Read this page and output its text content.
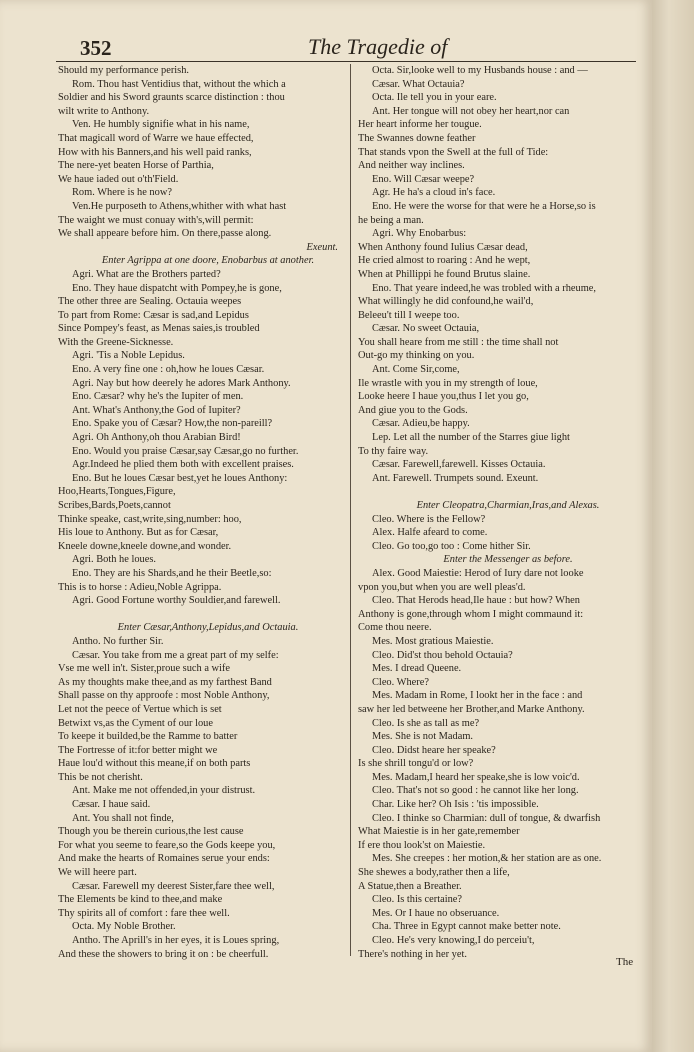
352	The Tragedie of
Should my performance perish.
Rom. Thou hast Ventidius that, without the which a
Soldier and his Sword graunts scarce distinction : thou
wilt write to Anthony.
Ven. He humbly signifie what in his name,
That magicall word of Warre we haue effected,
How with his Banners,and his well paid ranks,
The nere-yet beaten Horse of Parthia,
We haue iaded out o'th'Field.
Rom. Where is he now?
Ven.He purposeth to Athens,whither with what hast
The waight we must conuay with's,will permit:
We shall appeare before him. On there,passe along.
Exeunt.
Enter Agrippa at one doore, Enobarbus at another.
Agri. What are the Brothers parted?
Eno. They haue dispatcht with Pompey,he is gone,
The other three are Sealing. Octauia weepes
To part from Rome: Cæsar is sad,and Lepidus
Since Pompey's feast, as Menas saies,is troubled
With the Greene-Sicknesse.
Agri. 'Tis a Noble Lepidus.
Eno. A very fine one : oh,how he loues Cæsar.
Agri. Nay but how deerely he adores Mark Anthony.
Eno. Cæsar? why he's the Iupiter of men.
Ant. What's Anthony,the God of Iupiter?
Eno. Spake you of Cæsar? How,the non-pareill?
Agri. Oh Anthony,oh thou Arabian Bird!
Eno. Would you praise Cæsar,say Cæsar,go no further.
Agr.Indeed he plied them both with excellent praises.
Eno. But he loues Cæsar best,yet he loues Anthony:
Hoo,Hearts,Tongues,Figure,
Scribes,Bards,Poets,cannot
Thinke speake, cast,write,sing,number: hoo,
His loue to Anthony. But as for Cæsar,
Kneele downe,kneele downe,and wonder.
Agri. Both he loues.
Eno. They are his Shards,and he their Beetle,so:
This is to horse : Adieu,Noble Agrippa.
Agri. Good Fortune worthy Souldier,and farewell.

Enter Cæsar,Anthony,Lepidus,and Octauia.
Antho. No further Sir.
Cæsar. You take from me a great part of my selfe:
Vse me well in't. Sister,proue such a wife
As my thoughts make thee,and as my farthest Band
Shall passe on thy approofe : most Noble Anthony,
Let not the peece of Vertue which is set
Betwixt vs,as the Cyment of our loue
To keepe it builded,be the Ramme to batter
The Fortresse of it:for better might we
Haue lou'd without this meane,if on both parts
This be not cherisht.
Ant. Make me not offended,in your distrust.
Cæsar. I haue said.
Ant. You shall not finde,
Though you be therein curious,the lest cause
For what you seeme to feare,so the Gods keepe you,
And make the hearts of Romaines serue your ends:
We will heere part.
Cæsar. Farewell my deerest Sister,fare thee well,
The Elements be kind to thee,and make
Thy spirits all of comfort : fare thee well.
Octa. My Noble Brother.
Antho. The Aprill's in her eyes, it is Loues spring,
And these the showers to bring it on : be cheerfull.
Octa. Sir,looke well to my Husbands house : and —
Cæsar. What Octauia?
Octa. Ile tell you in your eare.
Ant. Her tongue will not obey her heart,nor can
Her heart informe her tougue.
The Swannes downe feather
That stands vpon the Swell at the full of Tide:
And neither way inclines.
Eno. Will Cæsar weepe?
Agr. He ha's a cloud in's face.
Eno. He were the worse for that were he a Horse,so is
he being a man.
Agri. Why Enobarbus:
When Anthony found Iulius Cæsar dead,
He cried almost to roaring : And he wept,
When at Phillippi he found Brutus slaine.
Eno. That yeare indeed,he was trobled with a rheume,
What willingly he did confound,he wail'd,
Beleeu't till I weepe too.
Cæsar. No sweet Octauia,
You shall heare from me still : the time shall not
Out-go my thinking on you.
Ant. Come Sir,come,
Ile wrastle with you in my strength of loue,
Looke heere I haue you,thus I let you go,
And giue you to the Gods.
Cæsar. Adieu,be happy.
Lep. Let all the number of the Starres giue light
To thy faire way.
Cæsar. Farewell,farewell. Kisses Octauia.
Ant. Farewell. Trumpets sound. Exeunt.

Enter Cleopatra,Charmian,Iras,and Alexas.
Cleo. Where is the Fellow?
Alex. Halfe afeard to come.
Cleo. Go too,go too : Come hither Sir.
Enter the Messenger as before.
Alex. Good Maiestie: Herod of Iury dare not looke
vpon you,but when you are well pleas'd.
Cleo. That Herods head,Ile haue : but how? When
Anthony is gone,through whom I might commaund it:
Come thou neere.
Mes. Most gratious Maiestie.
Cleo. Did'st thou behold Octauia?
Mes. I dread Queene.
Cleo. Where?
Mes. Madam in Rome, I lookt her in the face : and
saw her led betweene her Brother,and Marke Anthony.
Cleo. Is she as tall as me?
Mes. She is not Madam.
Cleo. Didst heare her speake?
Is she shrill tongu'd or low?
Mes. Madam,I heard her speake,she is low voic'd.
Cleo. That's not so good : he cannot like her long.
Char. Like her? Oh Isis : 'tis impossible.
Cleo. I thinke so Charmian: dull of tongue, & dwarfish
What Maiestie is in her gate,remember
If ere thou look'st on Maiestie.
Mes. She creepes : her motion,& her station are as one.
She shewes a body,rather then a life,
A Statue,then a Breather.
Cleo. Is this certaine?
Mes. Or I haue no obseruance.
Cha. Three in Egypt cannot make better note.
Cleo. He's very knowing,I do perceiu't,
There's nothing in her yet.
The
